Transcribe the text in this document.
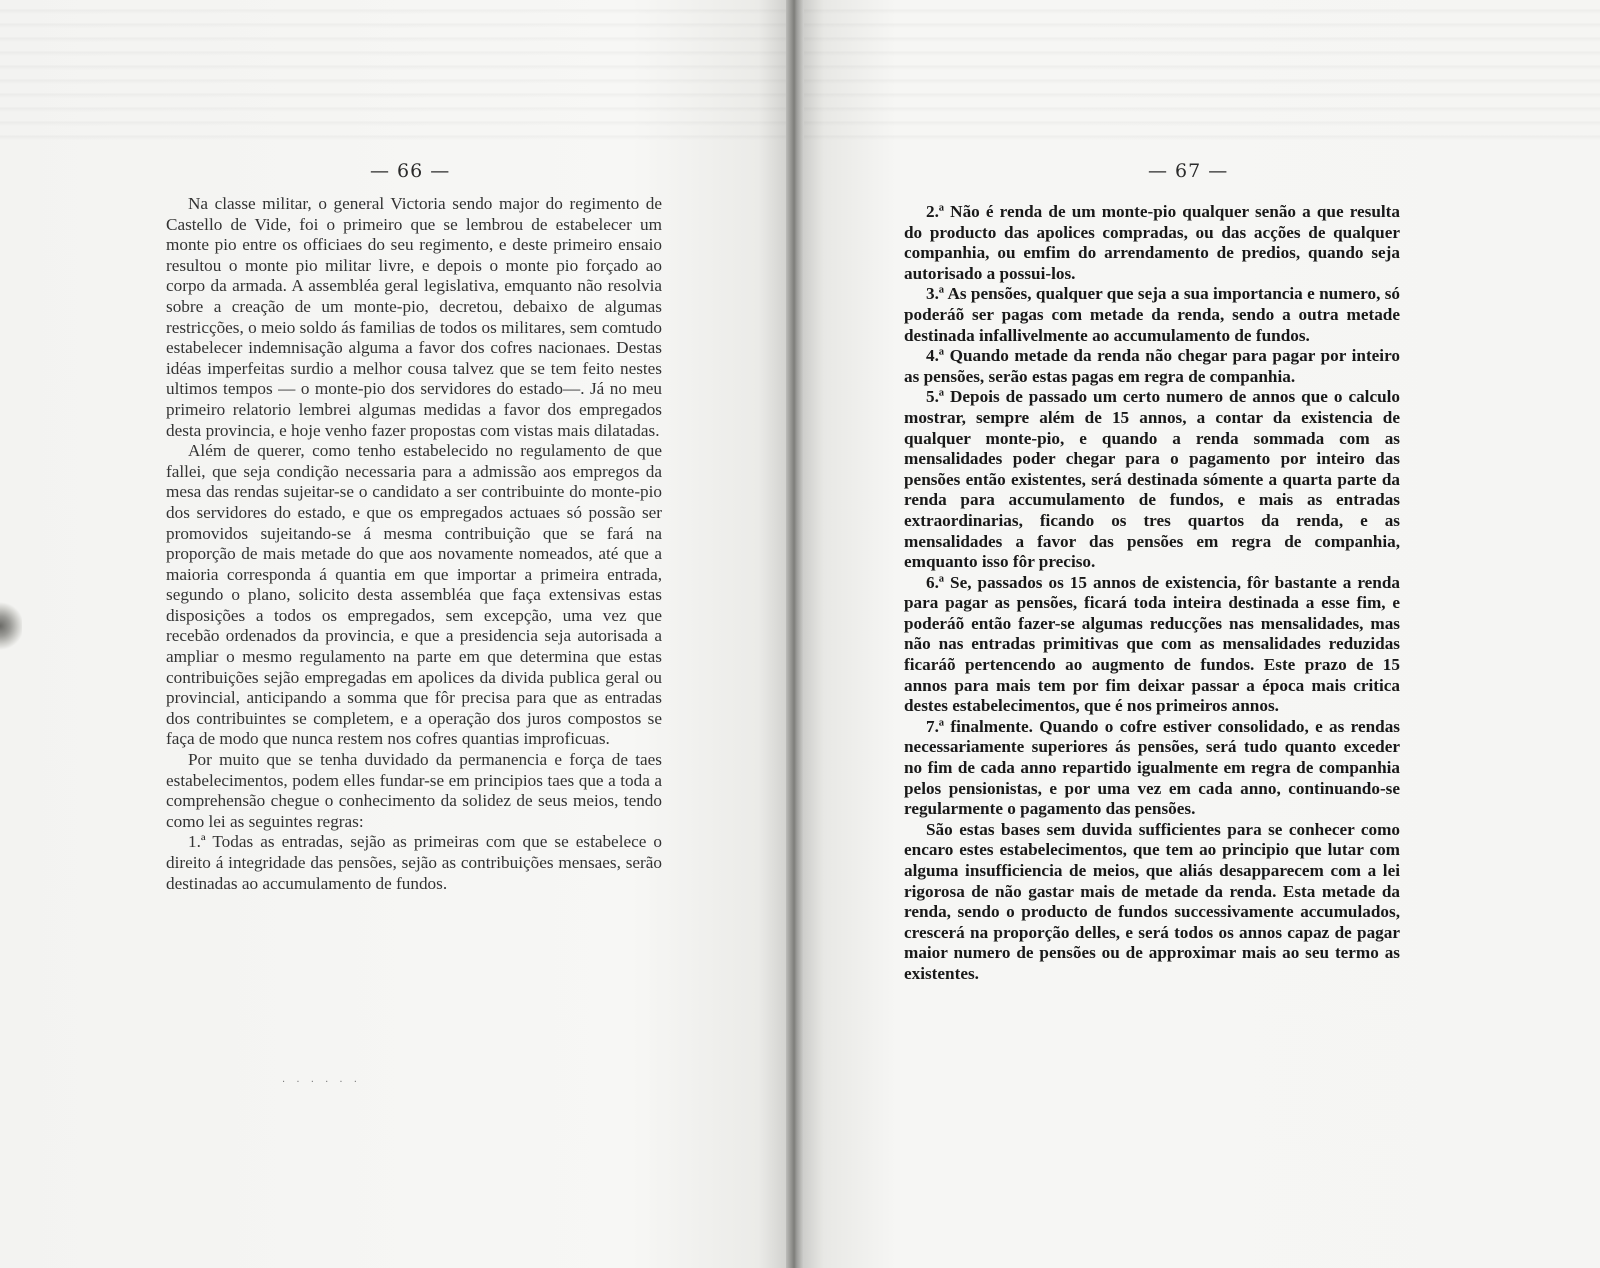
— 66 —

Na classe militar, o general Victoria sendo major do regimento de Castello de Vide, foi o primeiro que se lembrou de estabelecer um monte pio entre os officiaes do seu regimento, e deste primeiro ensaio resultou o monte pio militar livre, e depois o monte pio forçado ao corpo da armada. A assembléa geral legislativa, emquanto não resolvia sobre a creação de um monte-pio, decretou, debaixo de algumas restricções, o meio soldo ás familias de todos os militares, sem comtudo estabelecer indemnisação alguma a favor dos cofres nacionaes. Destas idéas imperfeitas surdio a melhor cousa talvez que se tem feito nestes ultimos tempos — o monte-pio dos servidores do estado—. Já no meu primeiro relatorio lembrei algumas medidas a favor dos empregados desta provincia, e hoje venho fazer propostas com vistas mais dilatadas.

Além de querer, como tenho estabelecido no regulamento de que fallei, que seja condição necessaria para a admissão aos empregos da mesa das rendas sujeitar-se o candidato a ser contribuinte do monte-pio dos servidores do estado, e que os empregados actuaes só possão ser promovidos sujeitando-se á mesma contribuição que se fará na proporção de mais metade do que aos novamente nomeados, até que a maioria corresponda á quantia em que importar a primeira entrada, segundo o plano, solicito desta assembléa que faça extensivas estas disposições a todos os empregados, sem excepção, uma vez que recebão ordenados da provincia, e que a presidencia seja autorisada a ampliar o mesmo regulamento na parte em que determina que estas contribuições sejão empregadas em apolices da divida publica geral ou provincial, anticipando a somma que fôr precisa para que as entradas dos contribuintes se completem, e a operação dos juros compostos se faça de modo que nunca restem nos cofres quantias improficuas.

Por muito que se tenha duvidado da permanencia e força de taes estabelecimentos, podem elles fundar-se em principios taes que a toda a comprehensão chegue o conhecimento da solidez de seus meios, tendo como lei as seguintes regras:

1.ª Todas as entradas, sejão as primeiras com que se estabelece o direito á integridade das pensões, sejão as contribuições mensaes, serão destinadas ao accumulamento de fundos.

. . . . . .
— 67 —

2.ª Não é renda de um monte-pio qualquer senão a que resulta do producto das apolices compradas, ou das acções de qualquer companhia, ou emfim do arrendamento de predios, quando seja autorisado a possui-los.

3.ª As pensões, qualquer que seja a sua importancia e numero, só poderáõ ser pagas com metade da renda, sendo a outra metade destinada infallivelmente ao accumulamento de fundos.

4.ª Quando metade da renda não chegar para pagar por inteiro as pensões, serão estas pagas em regra de companhia.

5.ª Depois de passado um certo numero de annos que o calculo mostrar, sempre além de 15 annos, a contar da existencia de qualquer monte-pio, e quando a renda sommada com as mensalidades poder chegar para o pagamento por inteiro das pensões então existentes, será destinada sómente a quarta parte da renda para accumulamento de fundos, e mais as entradas extraordinarias, ficando os tres quartos da renda, e as mensalidades a favor das pensões em regra de companhia, emquanto isso fôr preciso.

6.ª Se, passados os 15 annos de existencia, fôr bastante a renda para pagar as pensões, ficará toda inteira destinada a esse fim, e poderáõ então fazer-se algumas reducções nas mensalidades, mas não nas entradas primitivas que com as mensalidades reduzidas ficaráõ pertencendo ao augmento de fundos. Este prazo de 15 annos para mais tem por fim deixar passar a época mais critica destes estabelecimentos, que é nos primeiros annos.

7.ª finalmente. Quando o cofre estiver consolidado, e as rendas necessariamente superiores ás pensões, será tudo quanto exceder no fim de cada anno repartido igualmente em regra de companhia pelos pensionistas, e por uma vez em cada anno, continuando-se regularmente o pagamento das pensões.

São estas bases sem duvida sufficientes para se conhecer como encaro estes estabelecimentos, que tem ao principio que lutar com alguma insufficiencia de meios, que aliás desapparecem com a lei rigorosa de não gastar mais de metade da renda. Esta metade da renda, sendo o producto de fundos successivamente accumulados, crescerá na proporção delles, e será todos os annos capaz de pagar maior numero de pensões ou de approximar mais ao seu termo as existentes.
